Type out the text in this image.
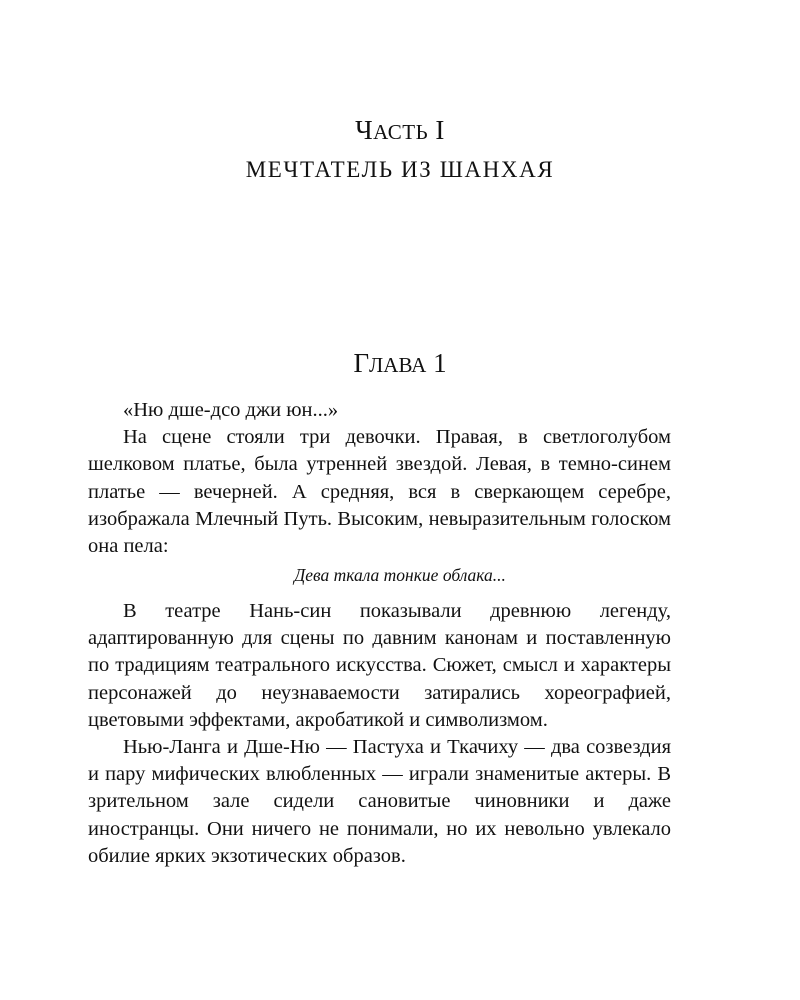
ЧАСТЬ I
МЕЧТАТЕЛЬ ИЗ ШАНХАЯ
ГЛАВА 1

«Ню дше-дсо джи юн...»

На сцене стояли три девочки. Правая, в светлоголубом шелковом платье, была утренней звездой. Левая, в темно-синем платье — вечерней. А средняя, вся в сверкающем серебре, изображала Млечный Путь. Высоким, невыразительным голоском она пела:

Дева ткала тонкие облака...

В театре Нань-син показывали древнюю легенду, адаптированную для сцены по давним канонам и поставленную по традициям театрального искусства. Сюжет, смысл и характеры персонажей до неузнаваемости затирались хореографией, цветовыми эффектами, акробатикой и символизмом.

Нью-Ланга и Дше-Ню — Пастуха и Ткачиху — два созвездия и пару мифических влюбленных — играли знаменитые актеры. В зрительном зале сидели сановитые чиновники и даже иностранцы. Они ничего не понимали, но их невольно увлекало обилие ярких экзотических образов.
